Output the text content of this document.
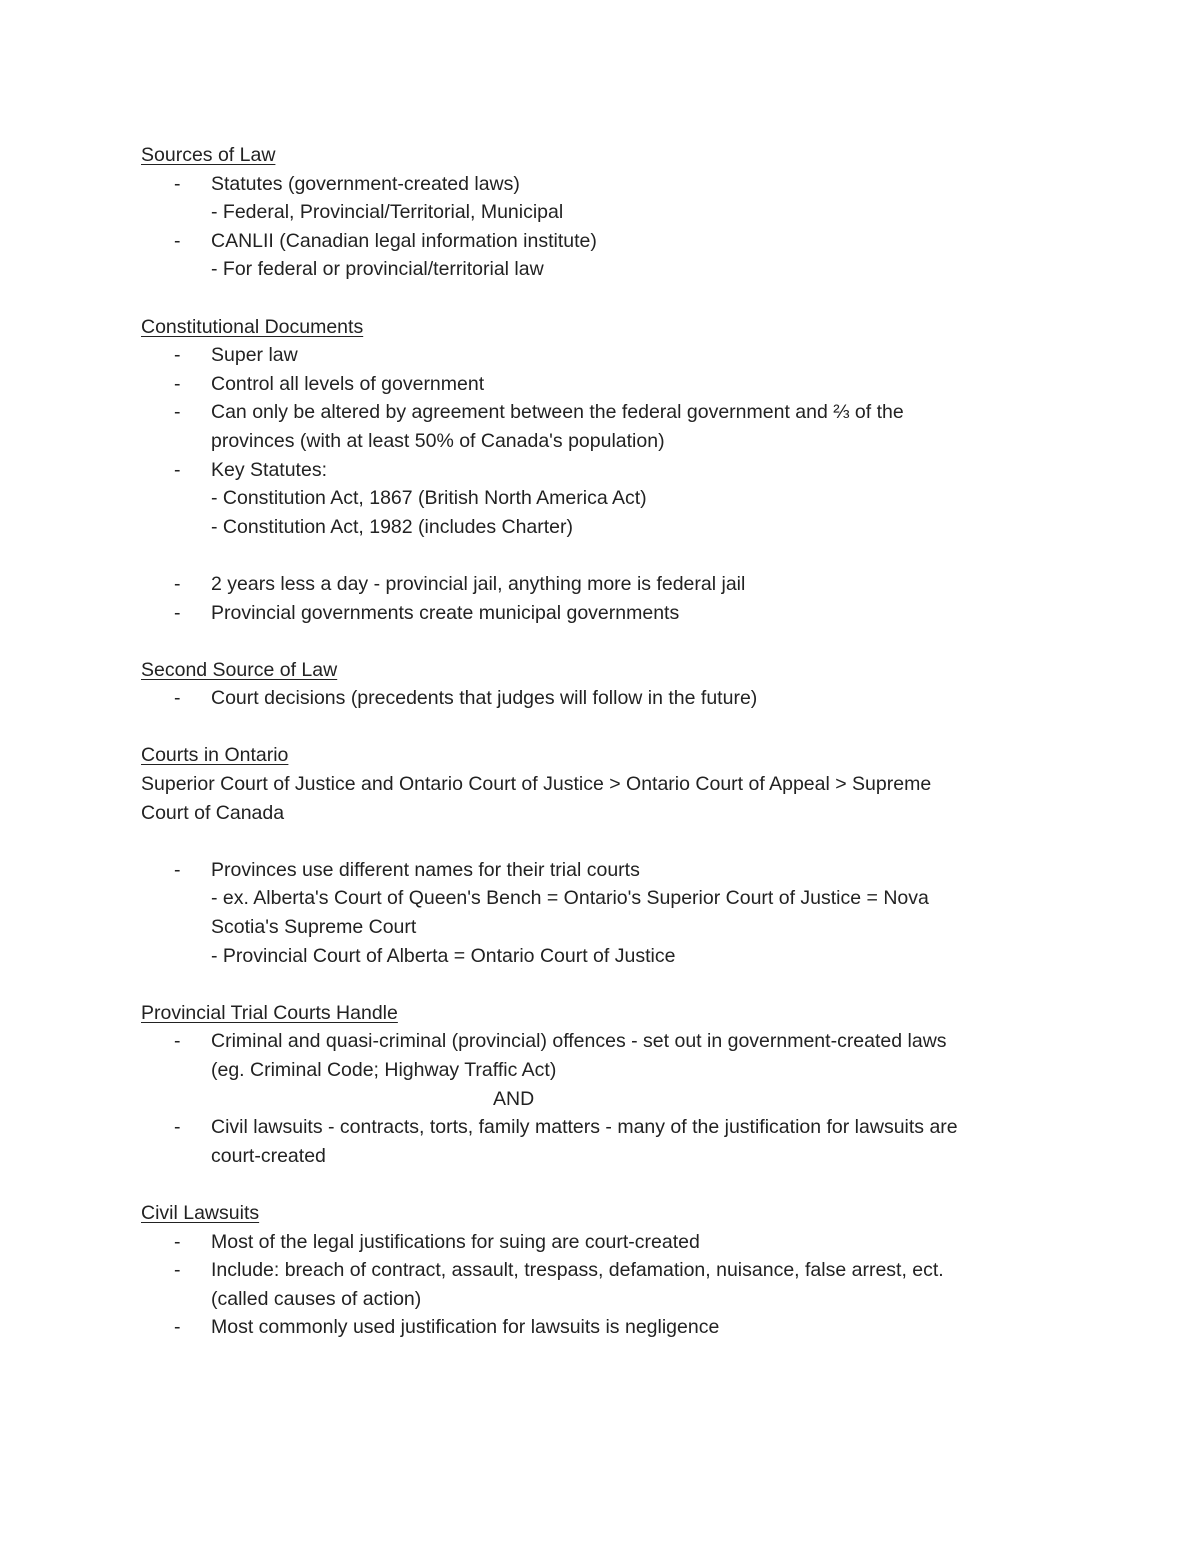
Sources of Law
-	Statutes (government-created laws)
- Federal, Provincial/Territorial, Municipal
-	CANLII (Canadian legal information institute)
- For federal or provincial/territorial law
Constitutional Documents
-	Super law
-	Control all levels of government
-	Can only be altered by agreement between the federal government and ⅔ of the
provinces (with at least 50% of Canada's population)
-	Key Statutes:
- Constitution Act, 1867 (British North America Act)
- Constitution Act, 1982 (includes Charter)
-	2 years less a day - provincial jail, anything more is federal jail
-	Provincial governments create municipal governments
Second Source of Law
-	Court decisions (precedents that judges will follow in the future)
Courts in Ontario
Superior Court of Justice and Ontario Court of Justice > Ontario Court of Appeal > Supreme
Court of Canada
-	Provinces use different names for their trial courts
- ex. Alberta's Court of Queen's Bench = Ontario's Superior Court of Justice = Nova
Scotia's Supreme Court
- Provincial Court of Alberta = Ontario Court of Justice
Provincial Trial Courts Handle
-	Criminal and quasi-criminal (provincial) offences - set out in government-created laws
(eg. Criminal Code; Highway Traffic Act)
AND
-	Civil lawsuits - contracts, torts, family matters - many of the justification for lawsuits are
court-created
Civil Lawsuits
-	Most of the legal justifications for suing are court-created
-	Include: breach of contract, assault, trespass, defamation, nuisance, false arrest, ect.
(called causes of action)
-	Most commonly used justification for lawsuits is negligence
